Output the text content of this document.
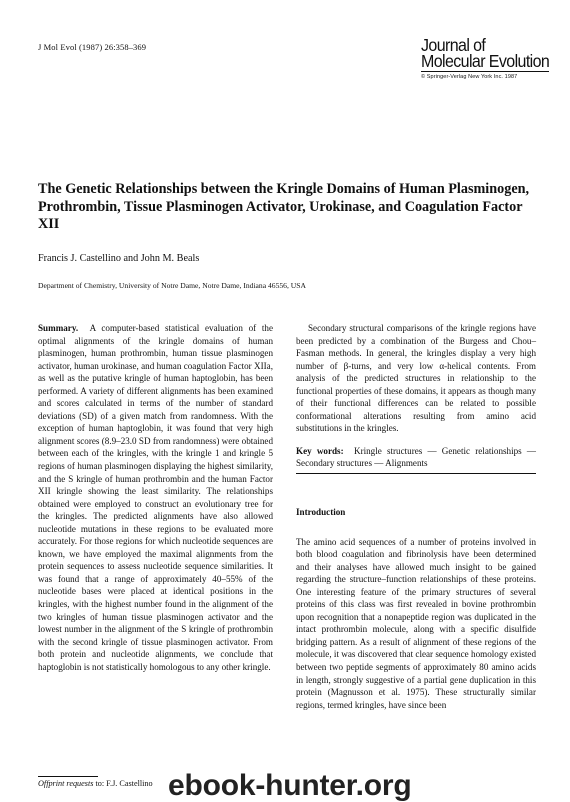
J Mol Evol (1987) 26:358–369	Journal of
Molecular Evolution
© Springer-Verlag New York Inc. 1987
The Genetic Relationships between the Kringle Domains of Human Plasminogen, Prothrombin, Tissue Plasminogen Activator, Urokinase, and Coagulation Factor XII
Francis J. Castellino and John M. Beals
Department of Chemistry, University of Notre Dame, Notre Dame, Indiana 46556, USA

Summary. A computer-based statistical evaluation of the optimal alignments of the kringle domains of human plasminogen, human prothrombin, human tissue plasminogen activator, human urokinase, and human coagulation Factor XIIa, as well as the putative kringle of human haptoglobin, has been performed. A variety of different alignments has been examined and scores calculated in terms of the number of standard deviations (SD) of a given match from randomness. With the exception of human haptoglobin, it was found that very high alignment scores (8.9–23.0 SD from randomness) were obtained between each of the kringles, with the kringle 1 and kringle 5 regions of human plasminogen displaying the highest similarity, and the S kringle of human prothrombin and the human Factor XII kringle showing the least similarity. The relationships obtained were employed to construct an evolutionary tree for the kringles. The predicted alignments have also allowed nucleotide mutations in these regions to be evaluated more accurately. For those regions for which nucleotide sequences are known, we have employed the maximal alignments from the protein sequences to assess nucleotide sequence similarities. It was found that a range of approximately 40–55% of the nucleotide bases were placed at identical positions in the kringles, with the highest number found in the alignment of the two kringles of human tissue plasminogen activator and the lowest number in the alignment of the S kringle of prothrombin with the second kringle of tissue plasminogen activator. From both protein and nucleotide alignments, we conclude that haptoglobin is not statistically homologous to any other kringle.

Secondary structural comparisons of the kringle regions have been predicted by a combination of the Burgess and Chou–Fasman methods. In general, the kringles display a very high number of β-turns, and very low α-helical contents. From analysis of the predicted structures in relationship to the functional properties of these domains, it appears as though many of their functional differences can be related to possible conformational alterations resulting from amino acid substitutions in the kringles.

Key words: Kringle structures — Genetic relationships — Secondary structures — Alignments

Introduction

The amino acid sequences of a number of proteins involved in both blood coagulation and fibrinolysis have been determined and their analyses have allowed much insight to be gained regarding the structure–function relationships of these proteins. One interesting feature of the primary structures of several proteins of this class was first revealed in bovine prothrombin upon recognition that a nonapeptide region was duplicated in the intact prothrombin molecule, along with a specific disulfide bridging pattern. As a result of alignment of these regions of the molecule, it was discovered that clear sequence homology existed between two peptide segments of approximately 80 amino acids in length, strongly suggestive of a partial gene duplication in this protein (Magnusson et al. 1975). These structurally similar regions, termed kringles, have since been

Offprint requests to: F.J. Castellino ebook-hunter.org
